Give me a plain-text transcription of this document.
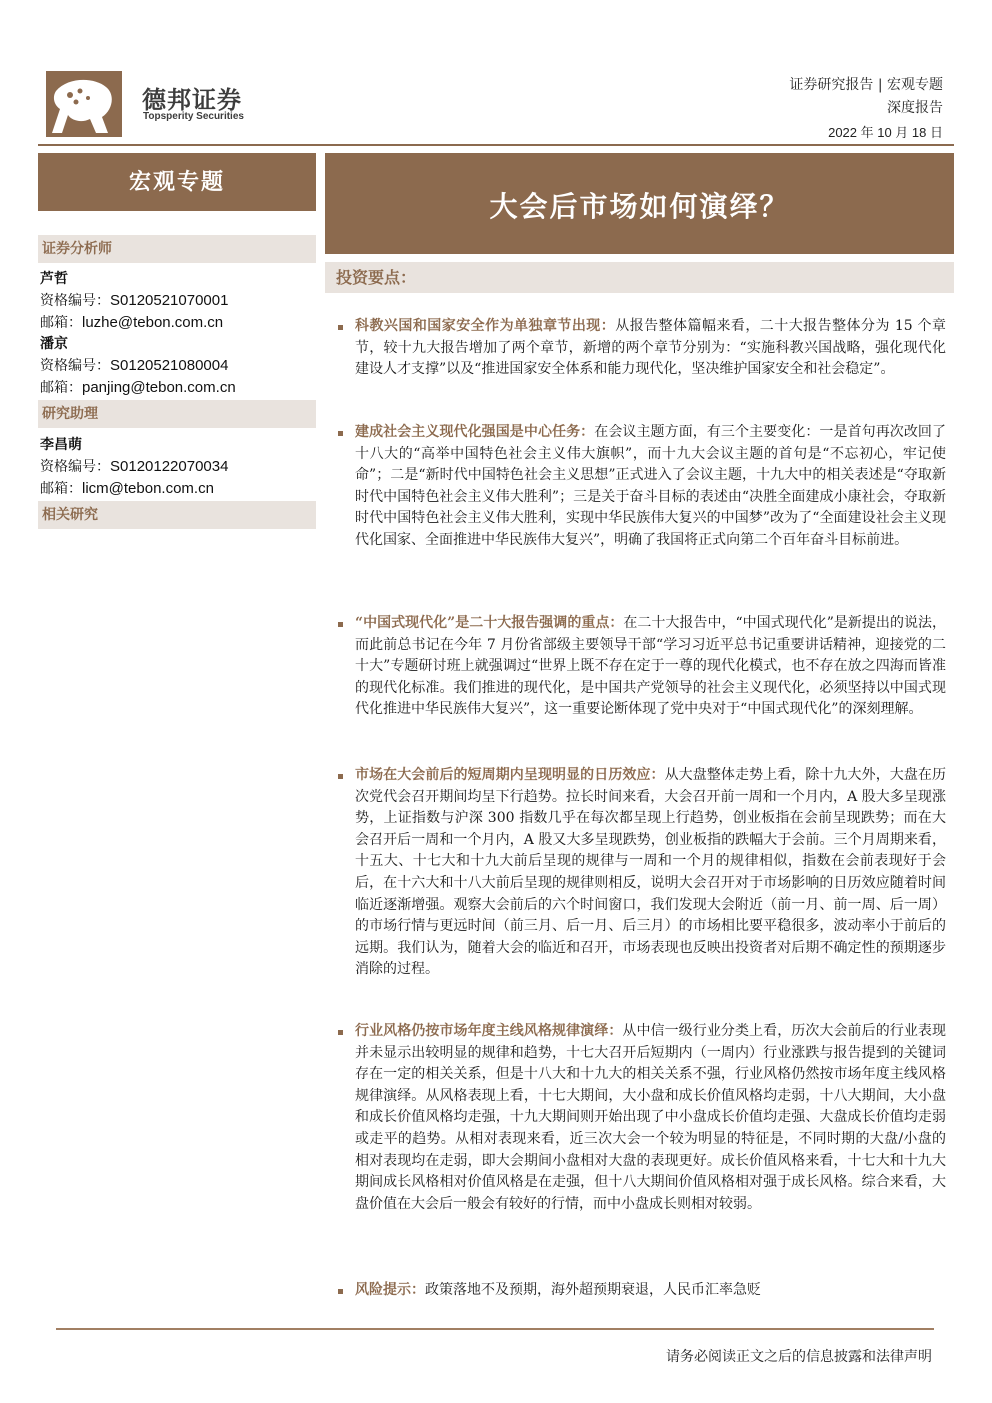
德邦证券
Topsperity Securities
证券研究报告 | 宏观专题
深度报告
2022 年 10 月 18 日
宏观专题
证券分析师
芦哲
资格编号：S0120521070001
邮箱：luzhe@tebon.com.cn
潘京
资格编号：S0120521080004
邮箱：panjing@tebon.com.cn
研究助理
李昌萌
资格编号：S0120122070034
邮箱：licm@tebon.com.cn
相关研究
大会后市场如何演绎？
投资要点：
科教兴国和国家安全作为单独章节出现：从报告整体篇幅来看，二十大报告整体分为 15 个章节，较十九大报告增加了两个章节，新增的两个章节分别为：“实施科教兴国战略，强化现代化建设人才支撑”以及“推进国家安全体系和能力现代化，坚决维护国家安全和社会稳定”。
建成社会主义现代化强国是中心任务：在会议主题方面，有三个主要变化：一是首句再次改回了十八大的“高举中国特色社会主义伟大旗帜”，而十九大会议主题的首句是“不忘初心，牢记使命”；二是“新时代中国特色社会主义思想”正式进入了会议主题，十九大中的相关表述是“夺取新时代中国特色社会主义伟大胜利”；三是关于奋斗目标的表述由“决胜全面建成小康社会，夺取新时代中国特色社会主义伟大胜利，实现中华民族伟大复兴的中国梦”改为了“全面建设社会主义现代化国家、全面推进中华民族伟大复兴”，明确了我国将正式向第二个百年奋斗目标前进。
“中国式现代化”是二十大报告强调的重点：在二十大报告中，“中国式现代化”是新提出的说法，而此前总书记在今年 7 月份省部级主要领导干部“学习习近平总书记重要讲话精神，迎接党的二十大”专题研讨班上就强调过“世界上既不存在定于一尊的现代化模式，也不存在放之四海而皆准的现代化标准。我们推进的现代化，是中国共产党领导的社会主义现代化，必须坚持以中国式现代化推进中华民族伟大复兴”，这一重要论断体现了党中央对于“中国式现代化”的深刻理解。
市场在大会前后的短周期内呈现明显的日历效应：从大盘整体走势上看，除十九大外，大盘在历次党代会召开期间均呈下行趋势。拉长时间来看，大会召开前一周和一个月内，A 股大多呈现涨势，上证指数与沪深 300 指数几乎在每次都呈现上行趋势，创业板指在会前呈现跌势；而在大会召开后一周和一个月内，A 股又大多呈现跌势，创业板指的跌幅大于会前。三个月周期来看，十五大、十七大和十九大前后呈现的规律与一周和一个月的规律相似，指数在会前表现好于会后，在十六大和十八大前后呈现的规律则相反，说明大会召开对于市场影响的日历效应随着时间临近逐渐增强。观察大会前后的六个时间窗口，我们发现大会附近（前一月、前一周、后一周）的市场行情与更远时间（前三月、后一月、后三月）的市场相比要平稳很多，波动率小于前后的远期。我们认为，随着大会的临近和召开，市场表现也反映出投资者对后期不确定性的预期逐步消除的过程。
行业风格仍按市场年度主线风格规律演绎：从中信一级行业分类上看，历次大会前后的行业表现并未显示出较明显的规律和趋势，十七大召开后短期内（一周内）行业涨跌与报告提到的关键词存在一定的相关关系，但是十八大和十九大的相关关系不强，行业风格仍然按市场年度主线风格规律演绎。从风格表现上看，十七大期间，大小盘和成长价值风格均走弱，十八大期间，大小盘和成长价值风格均走强，十九大期间则开始出现了中小盘成长价值均走强、大盘成长价值均走弱或走平的趋势。从相对表现来看，近三次大会一个较为明显的特征是，不同时期的大盘/小盘的相对表现均在走弱，即大会期间小盘相对大盘的表现更好。成长价值风格来看，十七大和十九大期间成长风格相对价值风格是在走强，但十八大期间价值风格相对强于成长风格。综合来看，大盘价值在大会后一般会有较好的行情，而中小盘成长则相对较弱。
风险提示：政策落地不及预期，海外超预期衰退，人民币汇率急贬
请务必阅读正文之后的信息披露和法律声明
